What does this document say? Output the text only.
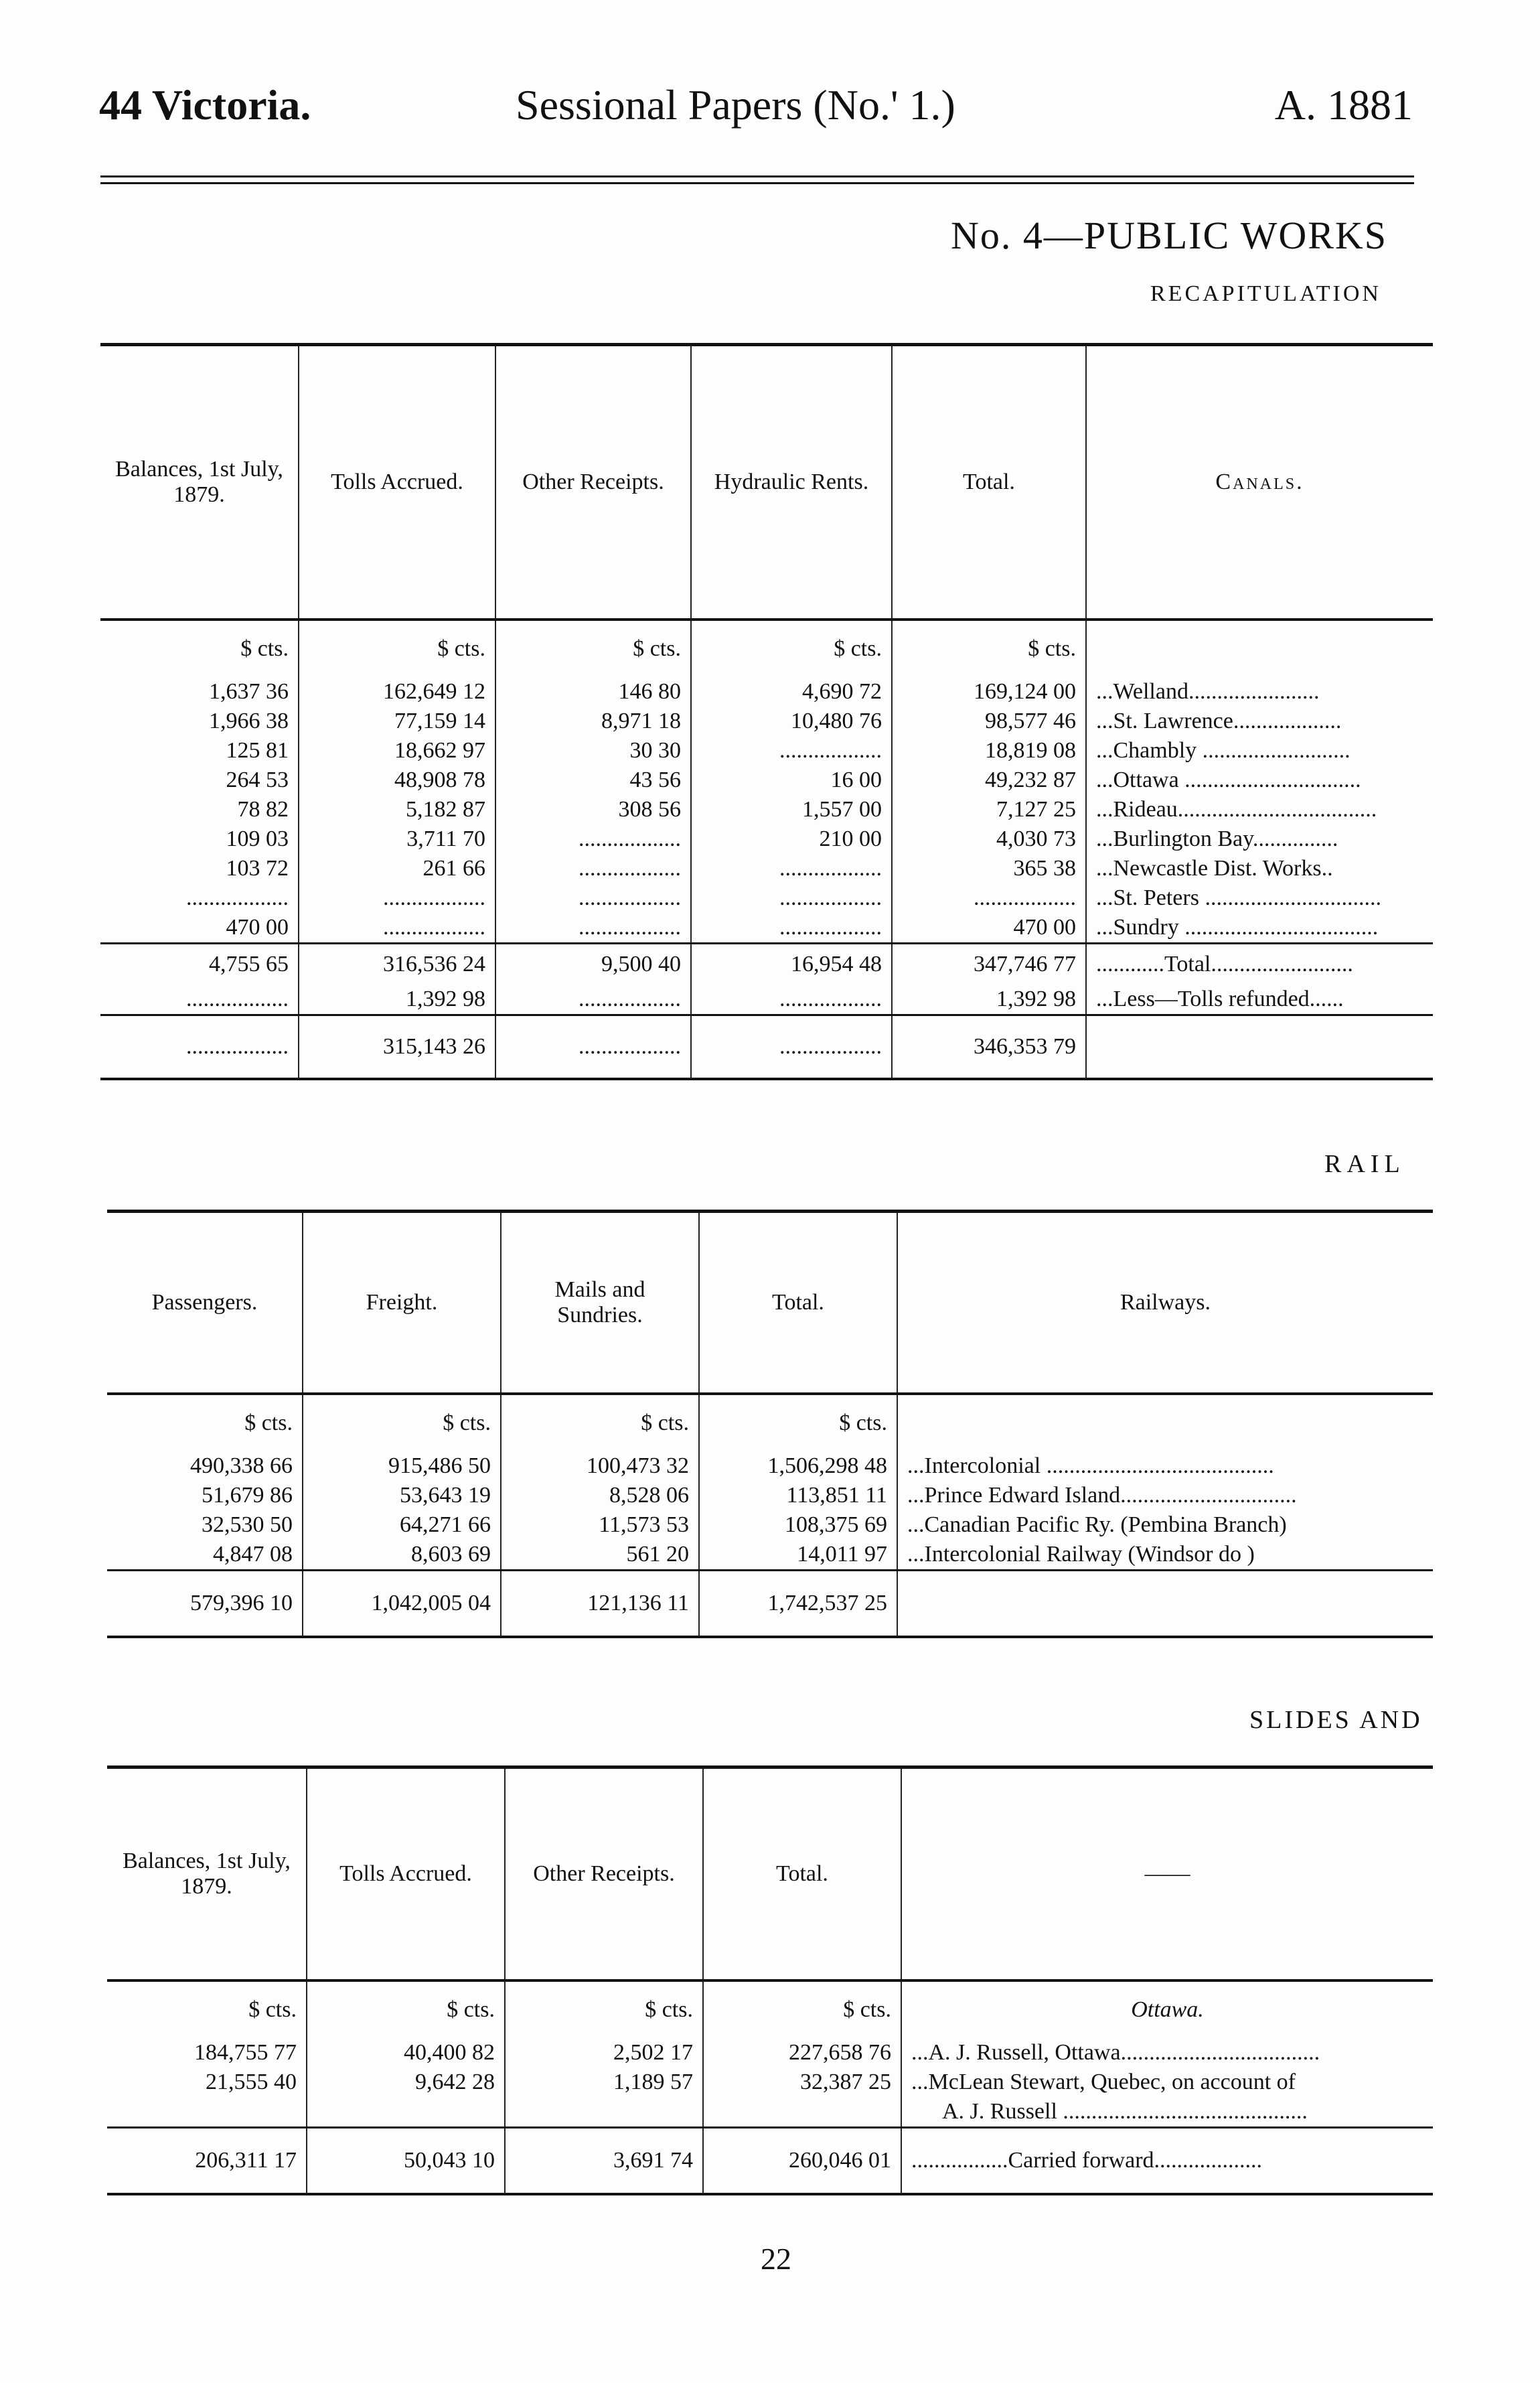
44 Victoria.	Sessional Papers (No.' 1.)	A. 1881
No. 4—PUBLIC WORKS
RECAPITULATION
Balances, 1st July, 1879.	Tolls Accrued.	Other Receipts.	Hydraulic Rents.	Total.	Canals.
$ cts.	$ cts.	$ cts.	$ cts.	$ cts.	
1,637 36	162,649 12	146 80	4,690 72	169,124 00	...Welland.......................
1,966 38	77,159 14	8,971 18	10,480 76	98,577 46	...St. Lawrence...................
125 81	18,662 97	30 30	..................	18,819 08	...Chambly ..........................
264 53	48,908 78	43 56	16 00	49,232 87	...Ottawa ...............................
78 82	5,182 87	308 56	1,557 00	7,127 25	...Rideau...................................
109 03	3,711 70	..................	210 00	4,030 73	...Burlington Bay...............
103 72	261 66	..................	..................	365 38	...Newcastle Dist. Works..
..................	..................	..................	..................	..................	...St. Peters ...............................
470 00	..................	..................	..................	470 00	...Sundry ..................................
4,755 65	316,536 24	9,500 40	16,954 48	347,746 77	............Total.........................
..................	1,392 98	..................	..................	1,392 98	...Less—Tolls refunded......
..................	315,143 26	..................	..................	346,353 79	
RAIL
Passengers.	Freight.	Mails and Sundries.	Total.	Railways.
$ cts.	$ cts.	$ cts.	$ cts.	
490,338 66	915,486 50	100,473 32	1,506,298 48	...Intercolonial ........................................
51,679 86	53,643 19	8,528 06	113,851 11	...Prince Edward Island...............................
32,530 50	64,271 66	11,573 53	108,375 69	...Canadian Pacific Ry. (Pembina Branch)
4,847 08	8,603 69	561 20	14,011 97	...Intercolonial Railway (Windsor do )
579,396 10	1,042,005 04	121,136 11	1,742,537 25	
SLIDES AND
Balances, 1st July, 1879.	Tolls Accrued.	Other Receipts.	Total.	——
$ cts.	$ cts.	$ cts.	$ cts.	Ottawa.
184,755 77	40,400 82	2,502 17	227,658 76	...A. J. Russell, Ottawa...................................
21,555 40	9,642 28	1,189 57	32,387 25	...McLean Stewart, Quebec, on account of
				A. J. Russell ...........................................
206,311 17	50,043 10	3,691 74	260,046 01	.................Carried forward...................
22
